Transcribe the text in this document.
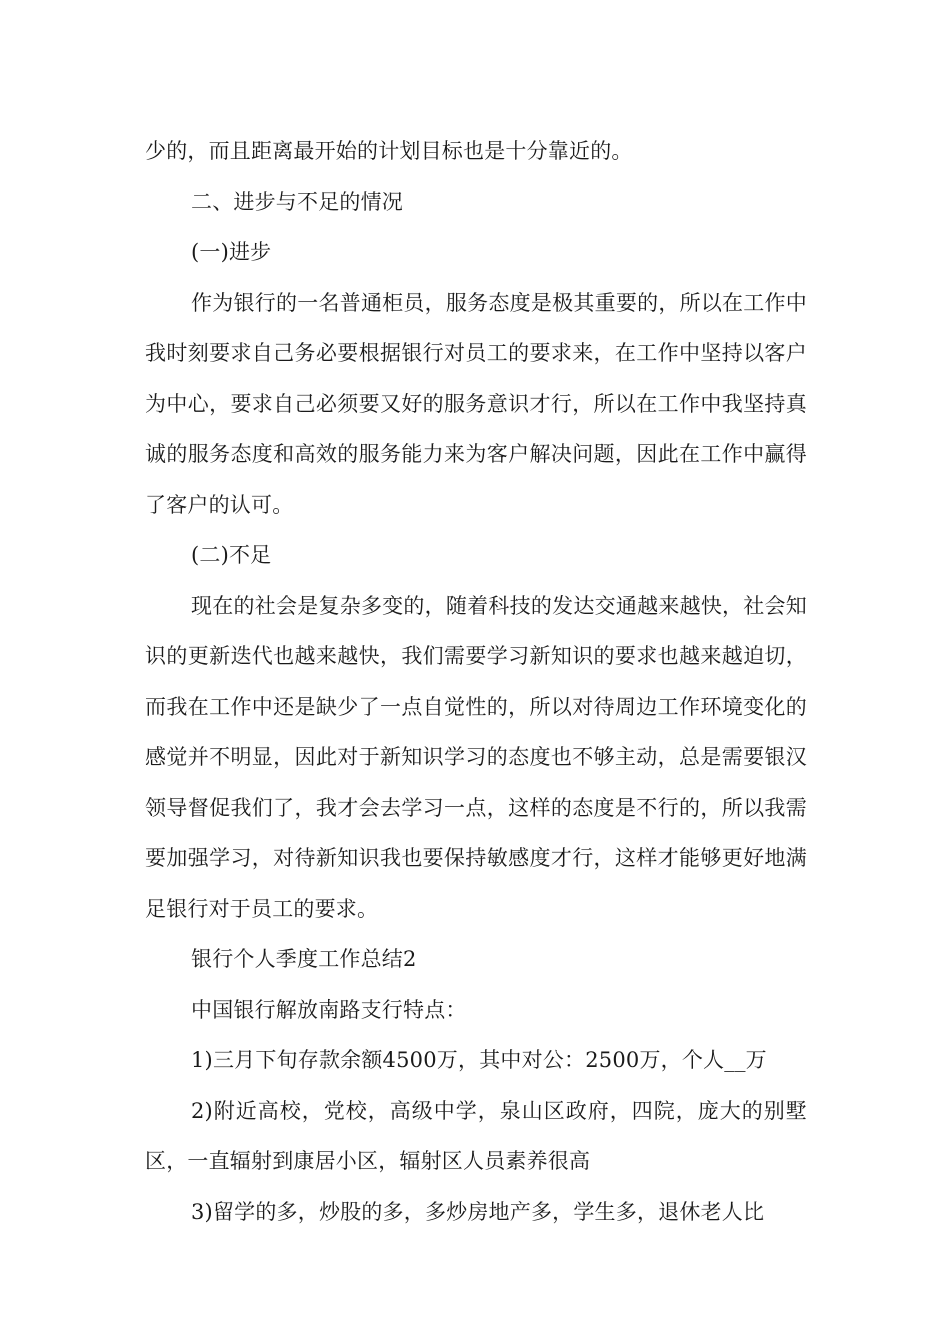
少的，而且距离最开始的计划目标也是十分靠近的。

二、进步与不足的情况

(一)进步

作为银行的一名普通柜员，服务态度是极其重要的，所以在工作中我时刻要求自己务必要根据银行对员工的要求来，在工作中坚持以客户为中心，要求自己必须要又好的服务意识才行，所以在工作中我坚持真诚的服务态度和高效的服务能力来为客户解决问题，因此在工作中赢得了客户的认可。

(二)不足

现在的社会是复杂多变的，随着科技的发达交通越来越快，社会知识的更新迭代也越来越快，我们需要学习新知识的要求也越来越迫切，而我在工作中还是缺少了一点自觉性的，所以对待周边工作环境变化的感觉并不明显，因此对于新知识学习的态度也不够主动，总是需要银汉领导督促我们了，我才会去学习一点，这样的态度是不行的，所以我需要加强学习，对待新知识我也要保持敏感度才行，这样才能够更好地满足银行对于员工的要求。

银行个人季度工作总结2

中国银行解放南路支行特点：

1)三月下旬存款余额4500万，其中对公：2500万，个人__万

2)附近高校，党校，高级中学，泉山区政府，四院，庞大的别墅区，一直辐射到康居小区，辐射区人员素养很高

3)留学的多，炒股的多，多炒房地产多，学生多，退休老人比
